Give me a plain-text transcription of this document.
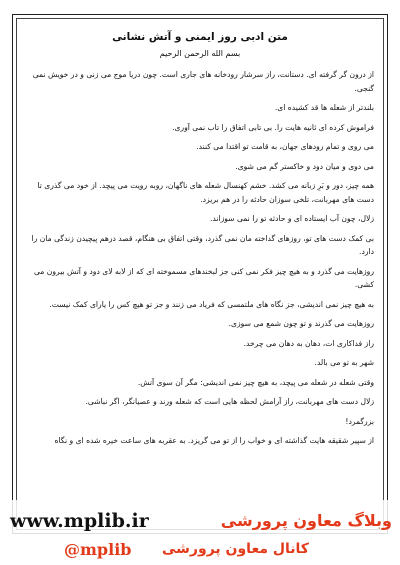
متن ادبی روز ایمنی و آتش نشانی
بسم الله الرحمن الرحیم

از درون گر گرفته ای. دستانت، راز سرشار رودخانه های جاری است. چون دریا موج می زنی و در خویش نمی گنجی.

بلندتر از شعله ها قد کشیده ای.

فراموش کرده ای ثانیه هایت را. بی تابی اتفاق را تاب نمی آوری.

می روی و تمام رودهای جهان، به قامت تو اقتدا می کنند.

می دوی و میان دود و خاکستر گم می شوی.

همه چیز، دور و بَرِ زبانه می کشد. خشم کهنسال شعله های ناگهان، روبه رویت می پیچد. از خود می گذری تا دست های مهربانت، تلخی سوزان حادثه را در هم بریزد.

زلال، چون آب ایستاده ای و حادثه تو را نمی سوزاند.

بی کمک دست های تو، روزهای گداخته مان نمی گذرد، وقتی اتفاق بی هنگام، قصد درهم پیچیدن زندگی مان را دارد.

روزهایت می گذرد و به هیچ چیز فکر نمی کنی جز لبخندهای مسموخته ای که از لابه لای دود و آتش بیرون می کشی.

به هیچ چیز نمی اندیشی، جز نگاه های ملتمسی که فریاد می زنند و جز تو هیچ کس را یارای کمک نیست.

روزهایت می گذرند و تو چون شمع می سوزی.

راز فداکاری ات، دهان به دهان می چرخد.

شهر به تو می بالد.

وقتی شعله در شعله می پیچد، به هیچ چیز نمی اندیشی: مگر آن سوی آتش.

زلال دست های مهربانت، راز آرامش لحظه هایی است که شعله ورند و عصیانگر، اگر نباشی.

بزرگمرد!

از سپیر شقیقه هایت گذاشته ای و خواب را از تو می گریزد. به عقربه های ساعت خیره شده ای و نگاه

www.mplib.ir	وبلاگ معاون پرورشی
@mplib کانال معاون پرورشی
